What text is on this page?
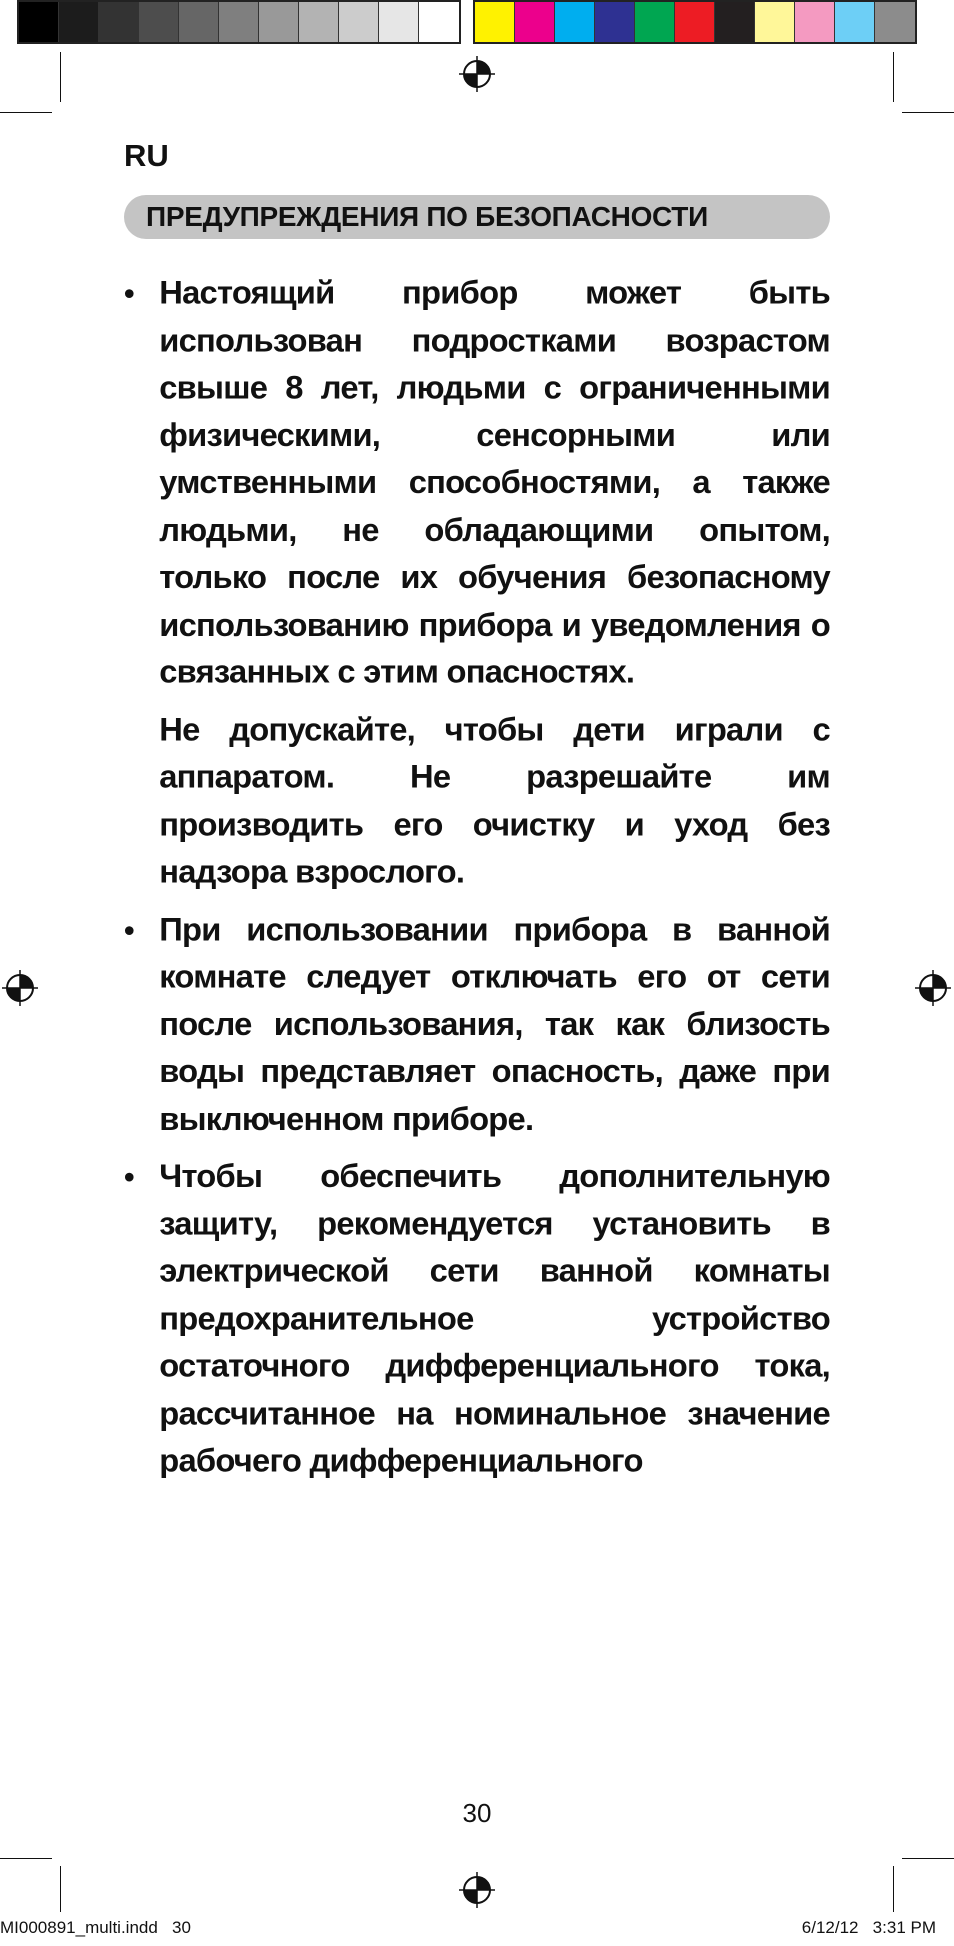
RU
ПРЕДУПРЕЖДЕНИЯ ПО БЕЗОПАСНОСТИ
• Настоящий прибор может быть использован подростками возрастом свыше 8 лет, людьми с ограниченными физическими, сенсорными или умственными способностями, а также людьми, не обладающими опытом, только после их обучения безопасному использованию прибора и уведомления о связанных с этим опасностях.
Не допускайте, чтобы дети играли с аппаратом. Не разрешайте им производить его очистку и уход без надзора взрослого.
• При использовании прибора в ванной комнате следует отключать его от сети после использования, так как близость воды представляет опасность, даже при выключенном приборе.
• Чтобы обеспечить дополнительную защиту, рекомендуется установить в электрической сети ванной комнаты предохранительное устройство остаточного дифференциального тока, рассчитанное на номинальное значение рабочего дифференциального
30
MI000891_multi.indd   30	6/12/12   3:31 PM
